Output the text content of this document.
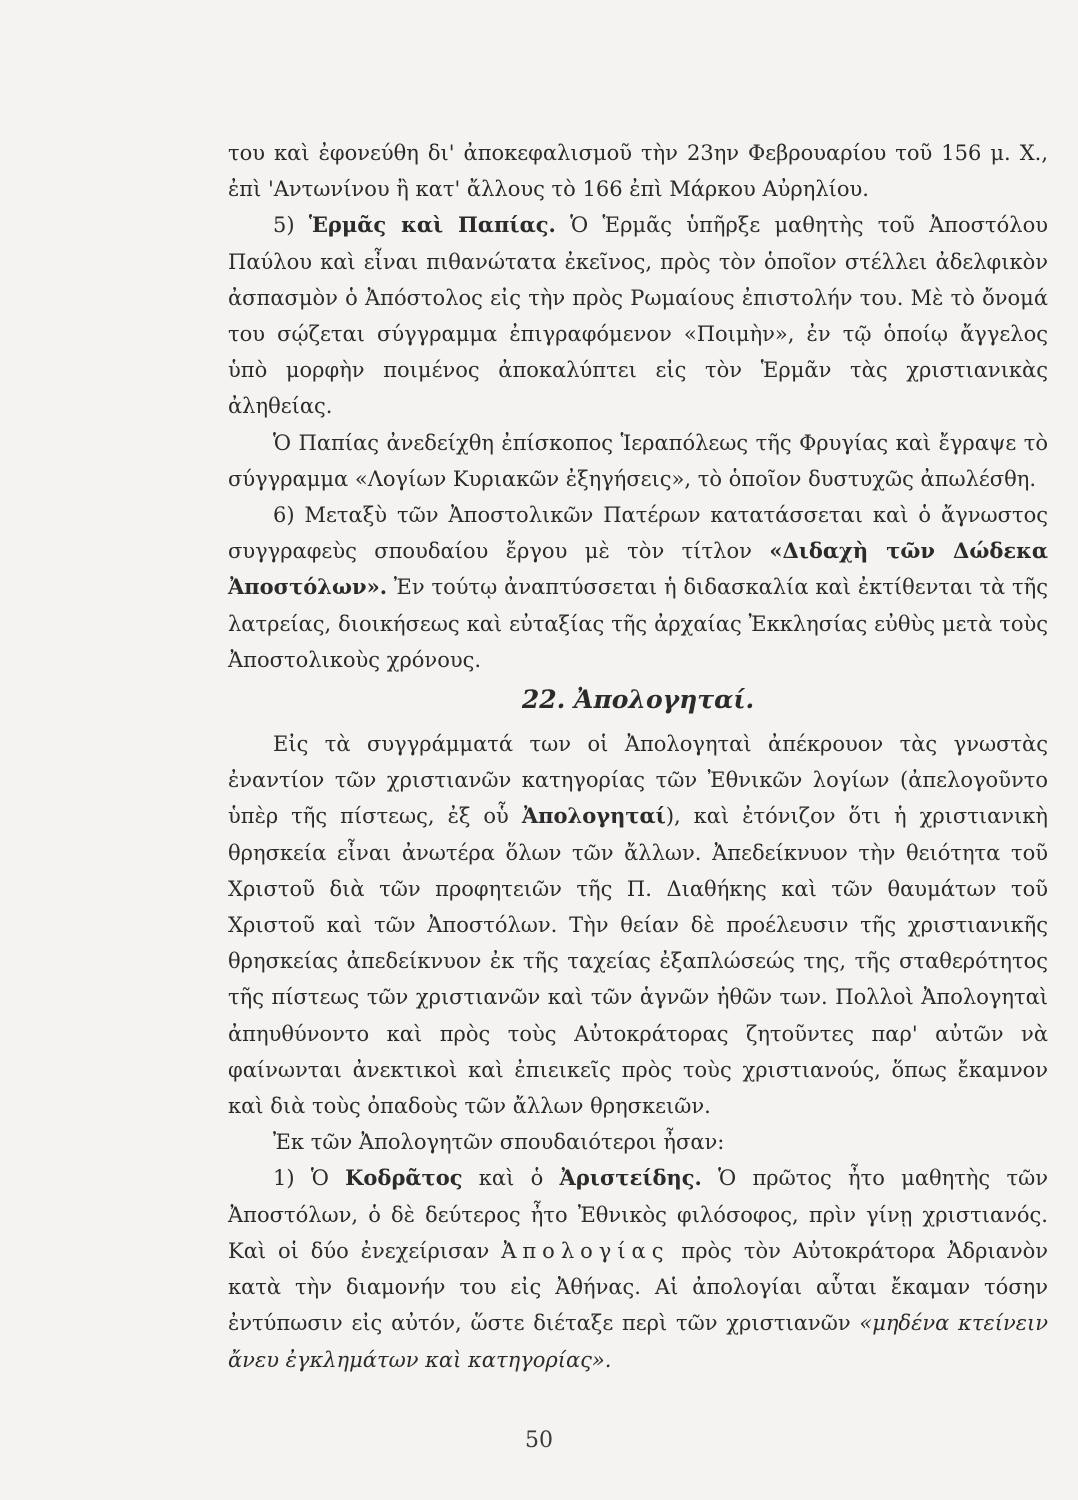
του καὶ ἐφονεύθη δι' ἀποκεφαλισμοῦ τὴν 23ην Φεβρουαρίου τοῦ 156 μ. Χ., ἐπὶ 'Αντωνίνου ἢ κατ' ἄλλους τὸ 166 ἐπὶ Μάρκου Αὐρηλίου.

5) Ἑρμᾶς καὶ Παπίας. Ὁ Ἑρμᾶς ὑπῆρξε μαθητὴς τοῦ Ἀποστόλου Παύλου καὶ εἶναι πιθανώτατα ἐκεῖνος, πρὸς τὸν ὁποῖον στέλλει ἀδελφικὸν ἀσπασμὸν ὁ Ἀπόστολος εἰς τὴν πρὸς Ρωμαίους ἐπιστολήν του. Μὲ τὸ ὄνομά του σῴζεται σύγγραμμα ἐπιγραφόμενον «Ποιμὴν», ἐν τῷ ὁποίῳ ἄγγελος ὑπὸ μορφὴν ποιμένος ἀποκαλύπτει εἰς τὸν Ἑρμᾶν τὰς χριστιανικὰς ἀληθείας.

Ὁ Παπίας ἀνεδείχθη ἐπίσκοπος Ἱεραπόλεως τῆς Φρυγίας καὶ ἔγραψε τὸ σύγγραμμα «Λογίων Κυριακῶν ἐξηγήσεις», τὸ ὁποῖον δυστυχῶς ἀπωλέσθη.

6) Μεταξὺ τῶν Ἀποστολικῶν Πατέρων κατατάσσεται καὶ ὁ ἄγνωστος συγγραφεὺς σπουδαίου ἔργου μὲ τὸν τίτλον «Διδαχὴ τῶν Δώδεκα Ἀποστόλων». Ἐν τούτῳ ἀναπτύσσεται ἡ διδασκαλία καὶ ἐκτίθενται τὰ τῆς λατρείας, διοικήσεως καὶ εὐταξίας τῆς ἀρχαίας Ἐκκλησίας εὐθὺς μετὰ τοὺς Ἀποστολικοὺς χρόνους.

22. Ἀπολογηταί.

Εἰς τὰ συγγράμματά των οἱ Ἀπολογηταὶ ἀπέκρουον τὰς γνωστὰς ἐναντίον τῶν χριστιανῶν κατηγορίας τῶν Ἐθνικῶν λογίων (ἀπελογοῦντο ὑπὲρ τῆς πίστεως, ἐξ οὗ Ἀπολογηταί), καὶ ἐτόνιζον ὅτι ἡ χριστιανικὴ θρησκεία εἶναι ἀνωτέρα ὅλων τῶν ἄλλων. Ἀπεδείκνυον τὴν θειότητα τοῦ Χριστοῦ διὰ τῶν προφητειῶν τῆς Π. Διαθήκης καὶ τῶν θαυμάτων τοῦ Χριστοῦ καὶ τῶν Ἀποστόλων. Τὴν θείαν δὲ προέλευσιν τῆς χριστιανικῆς θρησκείας ἀπεδείκνυον ἐκ τῆς ταχείας ἐξαπλώσεώς της, τῆς σταθερότητος τῆς πίστεως τῶν χριστιανῶν καὶ τῶν ἁγνῶν ἠθῶν των. Πολλοὶ Ἀπολογηταὶ ἀπηυθύνοντο καὶ πρὸς τοὺς Αὐτοκράτορας ζητοῦντες παρ' αὐτῶν νὰ φαίνωνται ἀνεκτικοὶ καὶ ἐπιεικεῖς πρὸς τοὺς χριστιανούς, ὅπως ἔκαμνον καὶ διὰ τοὺς ὀπαδοὺς τῶν ἄλλων θρησκειῶν.

Ἐκ τῶν Ἀπολογητῶν σπουδαιότεροι ἦσαν:

1) Ὁ Κοδρᾶτος καὶ ὁ Ἀριστείδης. Ὁ πρῶτος ἦτο μαθητὴς τῶν Ἀποστόλων, ὁ δὲ δεύτερος ἦτο Ἐθνικὸς φιλόσοφος, πρὶν γίνῃ χριστιανός. Καὶ οἱ δύο ἐνεχείρισαν Ἀπολογίας πρὸς τὸν Αὐτοκράτορα Ἀδριανὸν κατὰ τὴν διαμονήν του εἰς Ἀθήνας. Αἱ ἀπολογίαι αὗται ἔκαμαν τόσην ἐντύπωσιν εἰς αὐτόν, ὥστε διέταξε περὶ τῶν χριστιανῶν «μηδένα κτείνειν ἄνευ ἐγκλημάτων καὶ κατηγορίας».

50
